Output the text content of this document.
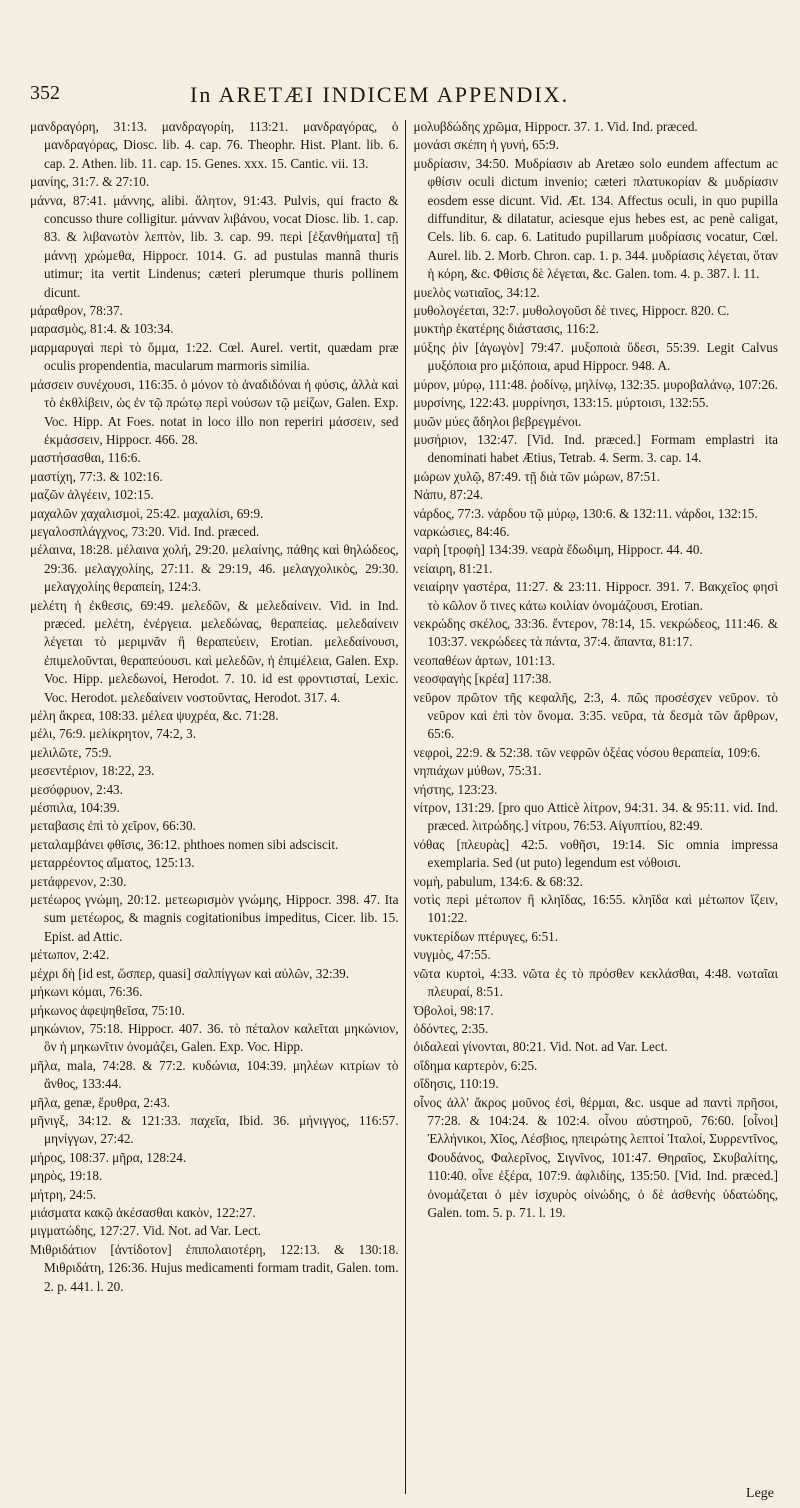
352	In ARETÆI INDICEM APPENDIX.

μανδραγόρη, 31:13. μανδραγορίη, 113:21. μανδραγόρας, ὁ μανδραγόρας, Diosc. lib. 4. cap. 76. Theophr. Hist. Plant. lib. 6. cap. 2. Athen. lib. 11. cap. 15. Genes. xxx. 15. Cantic. vii. 13.

μανίης, 31:7. & 27:10.

μάννα, 87:41. μάννης, alibi. ἄλητον, 91:43. Pulvis, qui fracto & concusso thure colligitur. μάνναν λιβάνου, vocat Diosc. lib. 1. cap. 83. & λιβανωτὸν λεπτὸν, lib. 3. cap. 99. περὶ [ἐξανθήματα] τῇ μάννῃ χρώμεθα, Hippocr. 1014. G. ad pustulas mannâ thuris utimur; ita vertit Lindenus; cæteri plerumque thuris pollinem dicunt.

μάραθρον, 78:37.

μαρασμὸς, 81:4. & 103:34.

μαρμαρυγαὶ περὶ τὸ ὄμμα, 1:22. Cœl. Aurel. vertit, quædam præ oculis propendentia, macularum marmoris similia.

μάσσειν συνέχουσι, 116:35. ὁ μόνον τὸ ἀναδιδόναι ἡ φύσις, ἀλλὰ καὶ τὸ ἐκθλίβειν, ὡς ἐν τῷ πρώτῳ περὶ νούσων τῷ μείζων, Galen. Exp. Voc. Hipp. At Foes. notat in loco illo non reperiri μάσσειν, sed ἐκμάσσειν, Hippocr. 466. 28.

μαστήσασθαι, 116:6.

μαστίχη, 77:3. & 102:16.

μαζῶν ἀλγέειν, 102:15.

μαχαλῶν χαχαλισμοὶ, 25:42. μαχαλίσι, 69:9.

μεγαλοσπλάγχνος, 73:20. Vid. Ind. præced.

μέλαινα, 18:28. μέλαινα χολή, 29:20. μελαίνης, πάθης καὶ θηλώδεος, 29:36. μελαγχολίης, 27:11. & 29:19, 46. μελαγχολικὸς, 29:30. μελαγχολίης θεραπείη, 124:3.

μελέτη ἡ ἐκθεσις, 69:49. μελεδῶν, & μελεδαίνειν. Vid. in Ind. præced. μελέτη, ἐνέργεια. μελεδώνας, θεραπείας. μελεδαίνειν λέγεται τὸ μεριμνᾶν ἢ θεραπεύειν, Erotian. μελεδαίνουσι, ἐπιμελοῦνται, θεραπεύουσι. καὶ μελεδῶν, ἡ ἐπιμέλεια, Galen. Exp. Voc. Hipp. μελεδωνοί, Herodot. 7. 10. id est φροντισταί, Lexic. Voc. Herodot. μελεδαίνειν νοστοῦντας, Herodot. 317. 4.

μέλη ἄκρεα, 108:33. μέλεα ψυχρέα, &c. 71:28.

μέλι, 76:9. μελίκρητον, 74:2, 3.

μελιλῶτε, 75:9.

μεσεντέριον, 18:22, 23.

μεσόφρυον, 2:43.

μέσπιλα, 104:39.

μεταβασις ἐπὶ τὸ χεῖρον, 66:30.

μεταλαμβάνει φθῖσις, 36:12. phthoes nomen sibi adsciscit.

μεταρρέοντος αἵματος, 125:13.

μετάφρενον, 2:30.

μετέωρος γνώμη, 20:12. μετεωρισμὸν γνώμης, Hippocr. 398. 47. Ita sum μετέωρος, & magnis cogitationibus impeditus, Cicer. lib. 15. Epist. ad Attic.

μέτωπον, 2:42.

μέχρι δὴ [id est, ὥσπερ, quasi] σαλπίγγων καὶ αὐλῶν, 32:39.

μήκωνι κόμαι, 76:36.

μήκωνος ἀφεψηθεῖσα, 75:10.

μηκώνιον, 75:18. Hippocr. 407. 36. τὸ πέταλον καλεῖται μηκώνιον, ὃν ἡ μηκωνῖτιν ὀνομάζει, Galen. Exp. Voc. Hipp.

μῆλα, mala, 74:28. & 77:2. κυδώνια, 104:39. μηλέων κιτρίων τὸ ἄνθος, 133:44.

μῆλα, genæ, ἔρυθρα, 2:43.

μῆνιγξ, 34:12. & 121:33. παχεῖα, Ibid. 36. μήνιγγος, 116:57. μηνίγγων, 27:42.

μήρος, 108:37. μῆρα, 128:24.

μηρὸς, 19:18.

μήτρη, 24:5.

μιάσματα κακῷ ἀκέσασθαι κακὸν, 122:27.

μιγματώδης, 127:27. Vid. Not. ad Var. Lect.

Μιθριδάτιον [ἀντίδοτον] ἐπιπολαιοτέρη, 122:13. & 130:18. Μιθριδάτη, 126:36. Hujus medicamenti formam tradit, Galen. tom. 2. p. 441. l. 20.

μολυβδώδης χρῶμα, Hippocr. 37. 1. Vid. Ind. præced.

μονάσι σκέπη ἡ γυνή, 65:9.

μυδρίασιν, 34:50. Μυδρίασιν ab Aretæo solo eundem affectum ac φθίσιν oculi dictum invenio; cæteri πλατυκορίαν & μυδρίασιν eosdem esse dicunt. Vid. Æt. 134. Affectus oculi, in quo pupilla diffunditur, & dilatatur, aciesque ejus hebes est, ac penè caligat, Cels. lib. 6. cap. 6. Latitudo pupillarum μυδρίασις vocatur, Cœl. Aurel. lib. 2. Morb. Chron. cap. 1. p. 344. μυδρίασις λέγεται, ὅταν ἡ κόρη, &c. Φθίσις δὲ λέγεται, &c. Galen. tom. 4. p. 387. l. 11.

μυελὸς νωτιαῖος, 34:12.

μυθολογέεται, 32:7. μυθολογοῦσι δὲ τινες, Hippocr. 820. C.

μυκτὴρ ἑκατέρης διάστασις, 116:2.

μύξης ῥὶν [ἀγωγὸν] 79:47. μυξοποιὰ ὕδεσι, 55:39. Legit Calvus μυξόποια pro μιξόποια, apud Hippocr. 948. A.

μύρον, μύρῳ, 111:48. ῥοδίνῳ, μηλίνῳ, 132:35. μυροβαλάνῳ, 107:26.

μυρσίνης, 122:43. μυρρίνησι, 133:15. μύρτοισι, 132:55.

μυῶν μύες ἄδηλοι βεβρεγμένοι.

μυσήριον, 132:47. [Vid. Ind. præced.] Formam emplastri ita denominati habet Ætius, Tetrab. 4. Serm. 3. cap. 14.

μώρων χυλῷ, 87:49. τῇ διὰ τῶν μώρων, 87:51.

Νάπυ, 87:24.

νάρδος, 77:3. νάρδου τῷ μύρῳ, 130:6. & 132:11. νάρδοι, 132:15.

ναρκώσιες, 84:46.

ναρὴ [τροφὴ] 134:39. νεαρὰ ἔδωδιμη, Hippocr. 44. 40.

νείαιρη, 81:21.

νειαίρην γαστέρα, 11:27. & 23:11. Hippocr. 391. 7. Βακχεῖος φησὶ τὸ κῶλον ὅ τινες κάτω κοιλίαν ὀνομάζουσι, Erotian.

νεκρώδης σκέλος, 33:36. ἔντερον, 78:14, 15. νεκρώδεος, 111:46. & 103:37. νεκρώδεες τὰ πάντα, 37:4. ἅπαντα, 81:17.

νεοπαθέων ἀρτων, 101:13.

νεοσφαγὴς [κρέα] 117:38.

νεῦρον πρῶτον τῆς κεφαλῆς, 2:3, 4. πῶς προσέσχεν νεῦρον. τὸ νεῦρον καὶ ἐπὶ τὸν ὄνομα. 3:35. νεῦρα, τὰ δεσμὰ τῶν ἄρθρων, 65:6.

νεφροὶ, 22:9. & 52:38. τῶν νεφρῶν ὀξέας νόσου θεραπεία, 109:6.

νηπιάχων μύθων, 75:31.

νήστης, 123:23.

νίτρον, 131:29. [pro quo Atticè λίτρον, 94:31. 34. & 95:11. vid. Ind. præced. λιτρώδης.] νίτρου, 76:53. Αἰγυπτίου, 82:49.

νόθας [πλευρὰς] 42:5. νοθῆσι, 19:14. Sic omnia impressa exemplaria. Sed (ut puto) legendum est νόθοισι.

νομὴ, pabulum, 134:6. & 68:32.

νοτὶς περὶ μέτωπον ἢ κληῖδας, 16:55. κληῖδα καὶ μέτωπον ἴζειν, 101:22.

νυκτερίδων πτέρυγες, 6:51.

νυγμὸς, 47:55.

νῶτα κυρτοὶ, 4:33. νῶτα ἐς τὸ πρόσθεν κεκλάσθαι, 4:48. νωταῖαι πλευραί, 8:51.

Ὀβολοὶ, 98:17.

ὀδόντες, 2:35.

ὀιδαλεαὶ γίνονται, 80:21. Vid. Not. ad Var. Lect.

οἴδημα καρτερὸν, 6:25.

οἴδησις, 110:19.

οἶνος ἀλλ' ἄκρος μοῦνος ἐσὶ, θέρμαι, &c. usque ad παντὶ πρῆσοι, 77:28. & 104:24. & 102:4. οἶνου αὐστηροῦ, 76:60. [οἶνοι] Ἐλλήνικοι, Χῖος, Λέσβιος, ηπειρώτης λεπτοί Ἰταλοί, Συρρεντῖνος, Φουδάνος, Φαλερῖνος, Σιγνῖνος, 101:47. Θηραῖος, Σκυβαλίτης, 110:40. οἶνε ἐξέρα, 107:9. ἀφλιδίης, 135:50. [Vid. Ind. præced.] ὀνομάζεται ὁ μὲν ἰσχυρὸς οἰνώδης, ὁ δὲ ἀσθενὴς ὑδατώδης, Galen. tom. 5. p. 71. l. 19.

Lege
